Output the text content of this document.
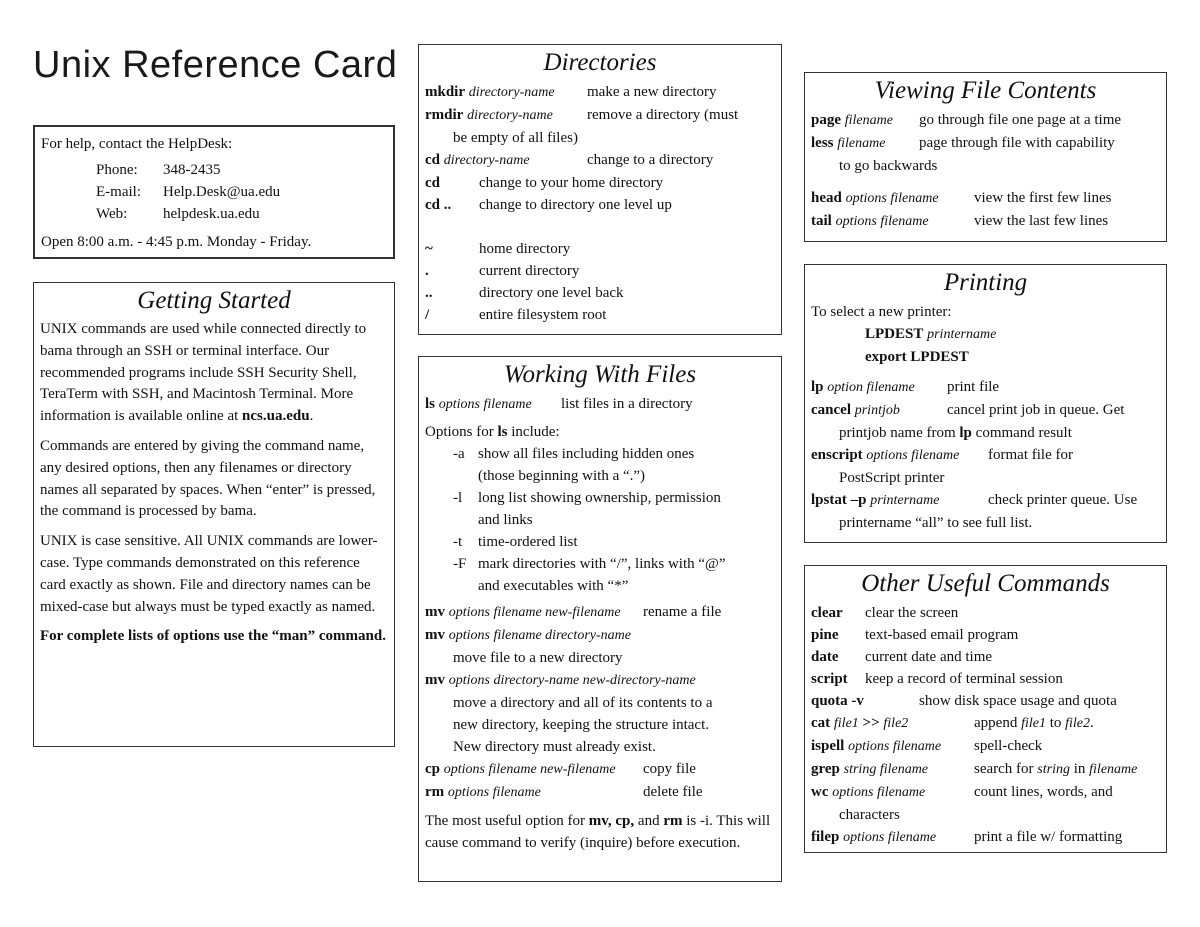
Unix Reference Card
For help, contact the HelpDesk:
Phone:	348-2435
E-mail:	Help.Desk@ua.edu
Web:	helpdesk.ua.edu
Open 8:00 a.m. - 4:45 p.m. Monday - Friday.
Getting Started

UNIX commands are used while connected directly to bama through an SSH or terminal interface. Our recommended programs include SSH Security Shell, TeraTerm with SSH, and Macintosh Terminal. More information is available online at ncs.ua.edu.

Commands are entered by giving the command name, any desired options, then any filenames or directory names all separated by spaces. When “enter” is pressed, the command is processed by bama.

UNIX is case sensitive. All UNIX commands are lower-case. Type commands demonstrated on this reference card exactly as shown. File and directory names can be mixed-case but always must be typed exactly as named.

For complete lists of options use the “man” command.

Directories
mkdir directory-name	make a new directory
rmdir directory-name	remove a directory (must
be empty of all files)
cd directory-name	change to a directory
cd	change to your home directory
cd ..	change to directory one level up
~	home directory
.	current directory
..	directory one level back
/	entire filesystem root
Working With Files
ls options filename	list files in a directory
Options for ls include:
-a show all files including hidden ones
(those beginning with a “.”)
-l	long list showing ownership, permission
and links
-t	time-ordered list
-F mark directories with “/”, links with “@”
and executables with “*”
mv options filename new-filename	rename a file
mv options filename directory-name
move file to a new directory
mv options directory-name new-directory-name
move a directory and all of its contents to a
new directory, keeping the structure intact.
New directory must already exist.
cp options filename new-filename	copy file
rm options filename	delete file

The most useful option for mv, cp, and rm is -i. This will cause command to verify (inquire) before execution.

Viewing File Contents
page filename	go through file one page at a time
less filename	page through file with capability
to go backwards
head options filename	view the first few lines
tail options filename	view the last few lines
Printing
To select a new printer:
LPDEST printername
export LPDEST
lp option filename	print file
cancel printjob	cancel print job in queue. Get
printjob name from lp command result
enscript options filename	format file for
PostScript printer
lpstat –p printername	check printer queue. Use
printername “all” to see full list.
Other Useful Commands
clear	clear the screen
pine	text-based email program
date	current date and time
script	keep a record of terminal session
quota -v	show disk space usage and quota
cat file1 >> file2	append file1 to file2.
ispell options filename	spell-check
grep string filename	search for string in filename
wc options filename	count lines, words, and
characters
filep options filename	print a file w/ formatting
